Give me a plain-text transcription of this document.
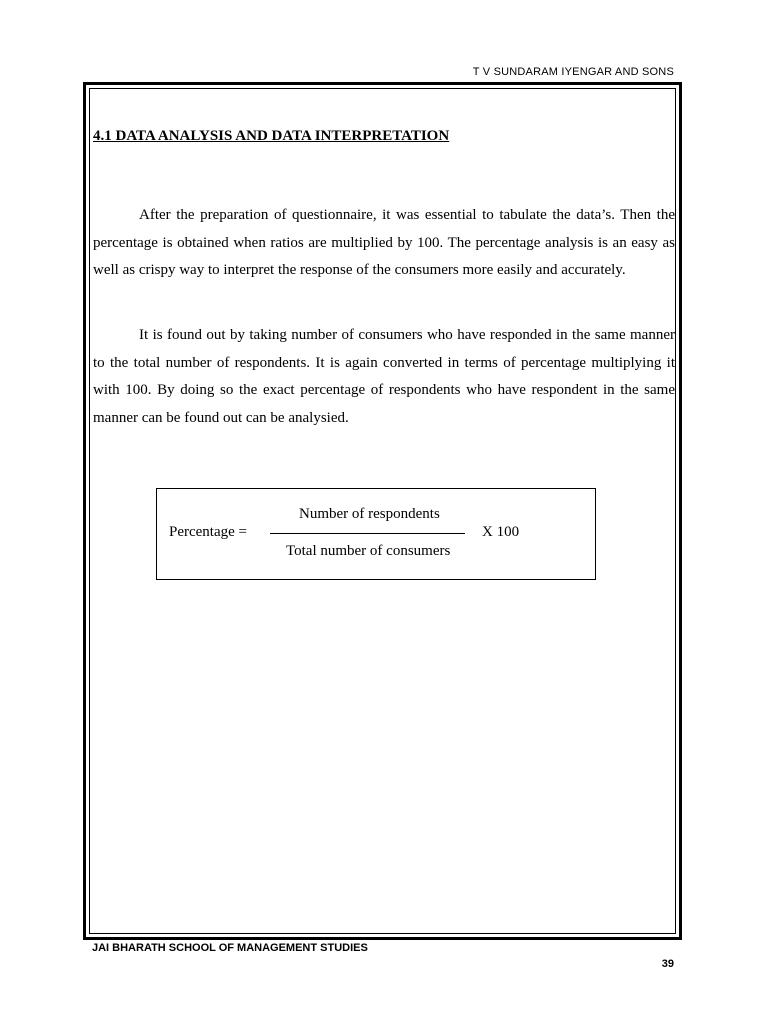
T V SUNDARAM IYENGAR AND SONS
4.1 DATA ANALYSIS AND DATA INTERPRETATION

After the preparation of questionnaire, it was essential to tabulate the data’s. Then the percentage is obtained when ratios are multiplied by 100. The percentage analysis is an easy as well as crispy way to interpret the response of the consumers more easily and accurately.

It is found out by taking number of consumers who have responded in the same manner to the total number of respondents. It is again converted in terms of percentage multiplying it with 100. By doing so the exact percentage of respondents who have respondent in the same manner can be found out can be analysied.

Percentage =
Number of respondents
Total number of consumers
X 100
JAI BHARATH SCHOOL OF MANAGEMENT STUDIES
39
